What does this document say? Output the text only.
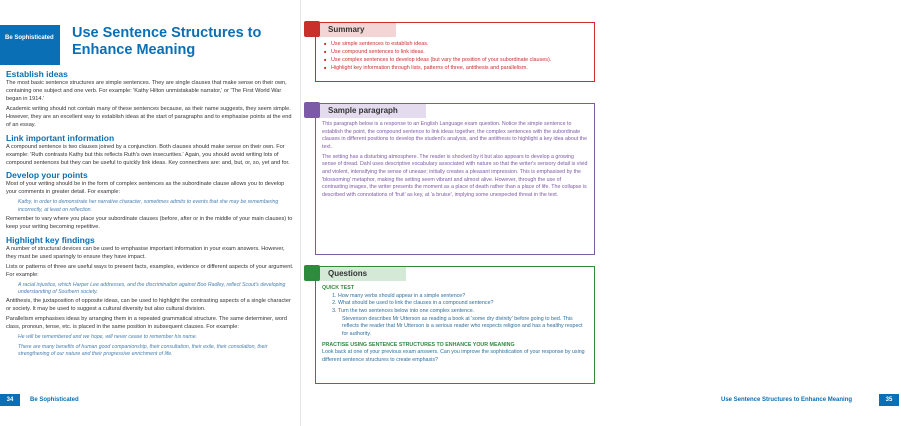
Be Sophisticated	Use Sentence Structures to
Enhance Meaning
Establish ideas

The most basic sentence structures are simple sentences. They are single clauses that make sense on their own, containing one subject and one verb. For example: 'Kathy Hilton unmistakable narrator,' or 'The First World War began in 1914.'

Academic writing should not contain many of these sentences because, as their name suggests, they seem simple. However, they are an excellent way to establish ideas at the start of paragraphs and to emphasise points at the end of an essay.

Link important information

A compound sentence is two clauses joined by a conjunction. Both clauses should make sense on their own. For example: 'Ruth contrasts Kathy but this reflects Ruth's own insecurities.' Again, you should avoid writing lots of compound sentences but they can be useful to quickly link ideas. Key connectives are: and, but, or, so, yet and for.

Develop your points

Most of your writing should be in the form of complex sentences as the subordinate clause allows you to develop your comments in greater detail. For example:

Kathy, in order to demonstrate her narrative character, sometimes admits to events that she may be remembering incorrectly, at least on reflection.

Remember to vary where you place your subordinate clauses (before, after or in the middle of your main clauses) to keep your writing becoming repetitive.

Highlight key findings

A number of structural devices can be used to emphasise important information in your exam answers. However, they must be used sparingly to ensure they have impact.

Lists or patterns of three are useful ways to present facts, examples, evidence or different aspects of your argument. For example:

A racial injustice, which Harper Lee addresses, and the discrimination against Boo Radley, reflect Scout's developing understanding of Southern society.

Antithesis, the juxtaposition of opposite ideas, can be used to highlight the contrasting aspects of a single character or society. It may be used to suggest a cultural diversity but also cultural division.

Parallelism emphasises ideas by arranging them in a repeated grammatical structure. The same determiner, word class, pronoun, tense, etc. is placed in the same position in subsequent clauses. For example:

He will be remembered and we hope, will never cease to remember his name.

There are many benefits of human good companionship, their consultation, their exile, their consolation, their strengthening of our nature and their progressive enrichment of life.

34	Be Sophisticated
Summary
■ Use simple sentences to establish ideas.
■ Use compound sentences to link ideas.
■ Use complex sentences to develop ideas (but vary the position of your subordinate clauses).
■ Highlight key information through lists, patterns of three, antithesis and parallelism.
Sample paragraph

This paragraph below is a response to an English Language exam question. Notice the simple sentence to establish the point, the compound sentence to link ideas together, the complex sentences with the subordinate clauses in different positions to develop the student's analysis, and the antithesis to highlight a key idea about the text.

The setting has a disturbing atmosphere. The reader is shocked by it but also appears to develop a growing sense of dread. Dahl uses descriptive vocabulary associated with nature so that the writer's sensory detail is vivid and violent, intensifying the sense of unease; initially creates a pleasant impression. This is emphasised by the 'blossoming' metaphor, making the setting seem vibrant and almost alive. However, through the use of contrasting images, the writer presents the moment as a place of death rather than a place of life. The collapse is described with connotations of 'fruit' as key, at 'a bruise', implying some unexpected threat in the text.

Questions

QUICK TEST

1. How many verbs should appear in a simple sentence?
2. What should be used to link the clauses in a compound sentence?
3. Turn the two sentences below into one complex sentence.

Stevenson describes Mr Utterson as reading a book at 'some dry divinity' before going to bed. This reflects the reader that Mr Utterson is a serious reader who respects religion and has a healthy respect for authority.

PRACTISE USING SENTENCE STRUCTURES TO ENHANCE YOUR MEANING

Look back at one of your previous exam answers. Can you improve the sophistication of your response by using different sentence structures to create emphasis?

Use Sentence Structures to Enhance Meaning	35
